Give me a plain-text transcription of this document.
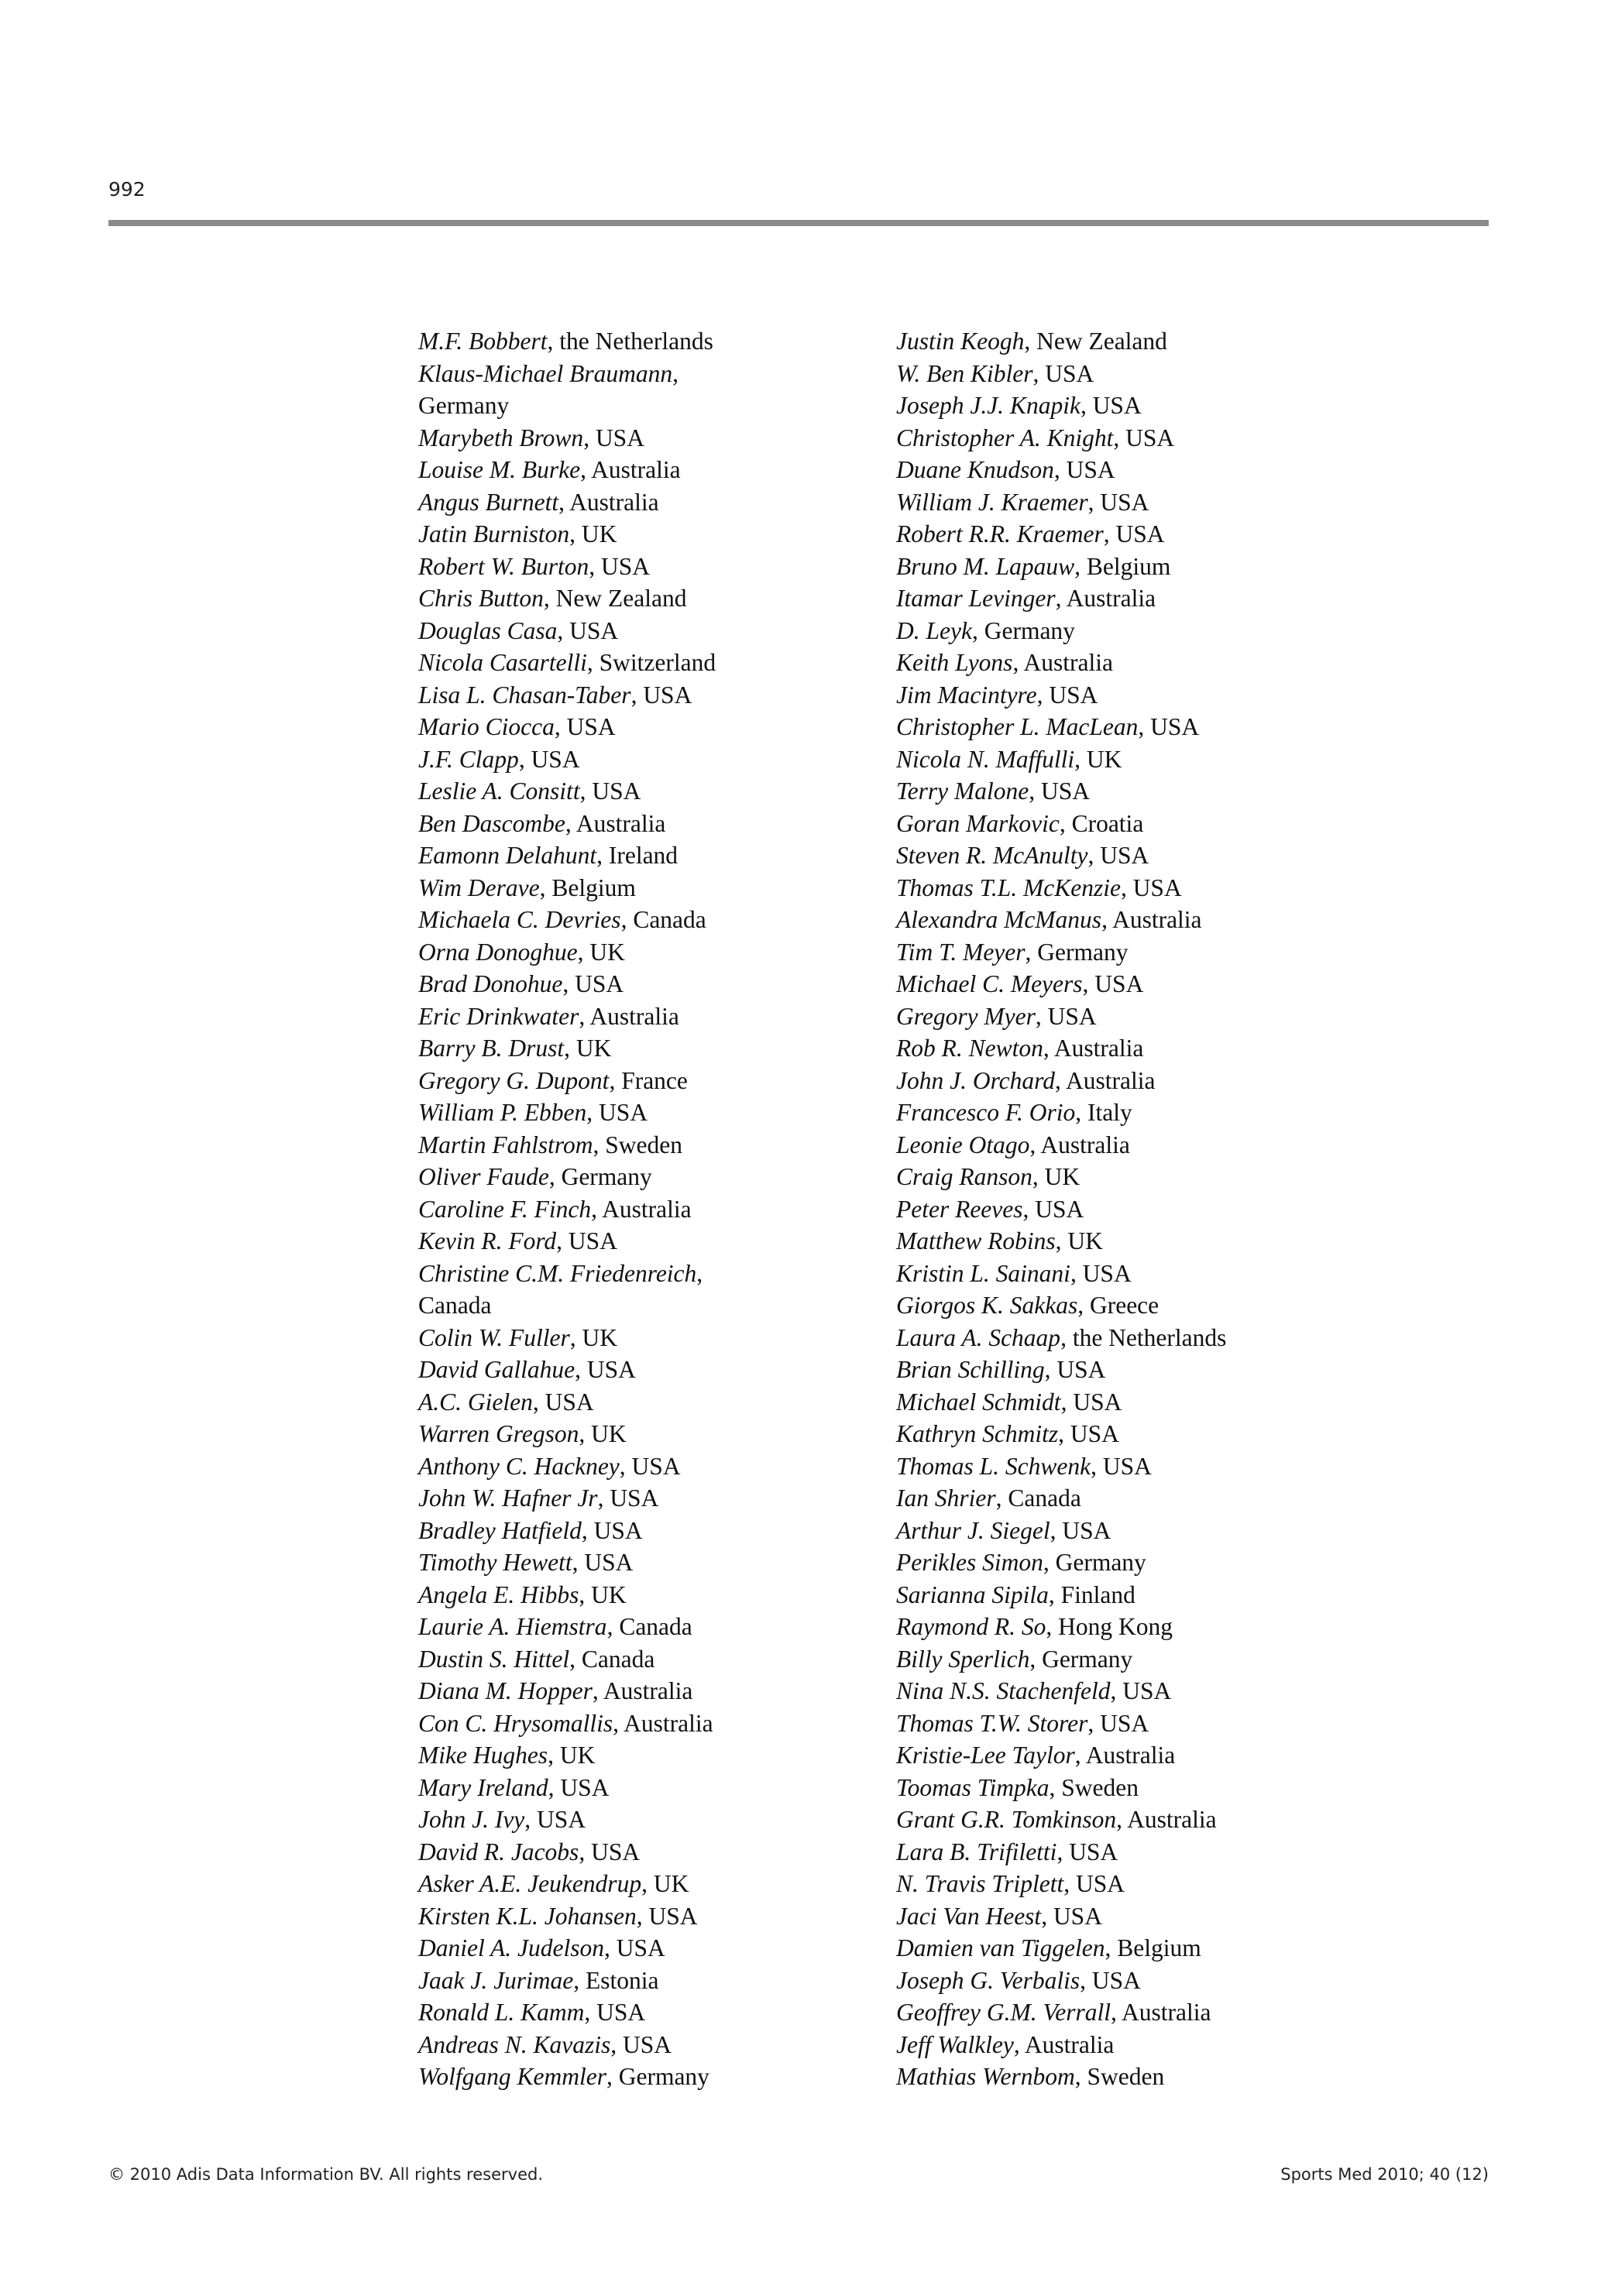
992
M.F. Bobbert, the Netherlands
Klaus-Michael Braumann,
Germany
Marybeth Brown, USA
Louise M. Burke, Australia
Angus Burnett, Australia
Jatin Burniston, UK
Robert W. Burton, USA
Chris Button, New Zealand
Douglas Casa, USA
Nicola Casartelli, Switzerland
Lisa L. Chasan-Taber, USA
Mario Ciocca, USA
J.F. Clapp, USA
Leslie A. Consitt, USA
Ben Dascombe, Australia
Eamonn Delahunt, Ireland
Wim Derave, Belgium
Michaela C. Devries, Canada
Orna Donoghue, UK
Brad Donohue, USA
Eric Drinkwater, Australia
Barry B. Drust, UK
Gregory G. Dupont, France
William P. Ebben, USA
Martin Fahlstrom, Sweden
Oliver Faude, Germany
Caroline F. Finch, Australia
Kevin R. Ford, USA
Christine C.M. Friedenreich,
Canada
Colin W. Fuller, UK
David Gallahue, USA
A.C. Gielen, USA
Warren Gregson, UK
Anthony C. Hackney, USA
John W. Hafner Jr, USA
Bradley Hatfield, USA
Timothy Hewett, USA
Angela E. Hibbs, UK
Laurie A. Hiemstra, Canada
Dustin S. Hittel, Canada
Diana M. Hopper, Australia
Con C. Hrysomallis, Australia
Mike Hughes, UK
Mary Ireland, USA
John J. Ivy, USA
David R. Jacobs, USA
Asker A.E. Jeukendrup, UK
Kirsten K.L. Johansen, USA
Daniel A. Judelson, USA
Jaak J. Jurimae, Estonia
Ronald L. Kamm, USA
Andreas N. Kavazis, USA
Wolfgang Kemmler, Germany
Justin Keogh, New Zealand
W. Ben Kibler, USA
Joseph J.J. Knapik, USA
Christopher A. Knight, USA
Duane Knudson, USA
William J. Kraemer, USA
Robert R.R. Kraemer, USA
Bruno M. Lapauw, Belgium
Itamar Levinger, Australia
D. Leyk, Germany
Keith Lyons, Australia
Jim Macintyre, USA
Christopher L. MacLean, USA
Nicola N. Maffulli, UK
Terry Malone, USA
Goran Markovic, Croatia
Steven R. McAnulty, USA
Thomas T.L. McKenzie, USA
Alexandra McManus, Australia
Tim T. Meyer, Germany
Michael C. Meyers, USA
Gregory Myer, USA
Rob R. Newton, Australia
John J. Orchard, Australia
Francesco F. Orio, Italy
Leonie Otago, Australia
Craig Ranson, UK
Peter Reeves, USA
Matthew Robins, UK
Kristin L. Sainani, USA
Giorgos K. Sakkas, Greece
Laura A. Schaap, the Netherlands
Brian Schilling, USA
Michael Schmidt, USA
Kathryn Schmitz, USA
Thomas L. Schwenk, USA
Ian Shrier, Canada
Arthur J. Siegel, USA
Perikles Simon, Germany
Sarianna Sipila, Finland
Raymond R. So, Hong Kong
Billy Sperlich, Germany
Nina N.S. Stachenfeld, USA
Thomas T.W. Storer, USA
Kristie-Lee Taylor, Australia
Toomas Timpka, Sweden
Grant G.R. Tomkinson, Australia
Lara B. Trifiletti, USA
N. Travis Triplett, USA
Jaci Van Heest, USA
Damien van Tiggelen, Belgium
Joseph G. Verbalis, USA
Geoffrey G.M. Verrall, Australia
Jeff Walkley, Australia
Mathias Wernbom, Sweden
© 2010 Adis Data Information BV. All rights reserved.	Sports Med 2010; 40 (12)
